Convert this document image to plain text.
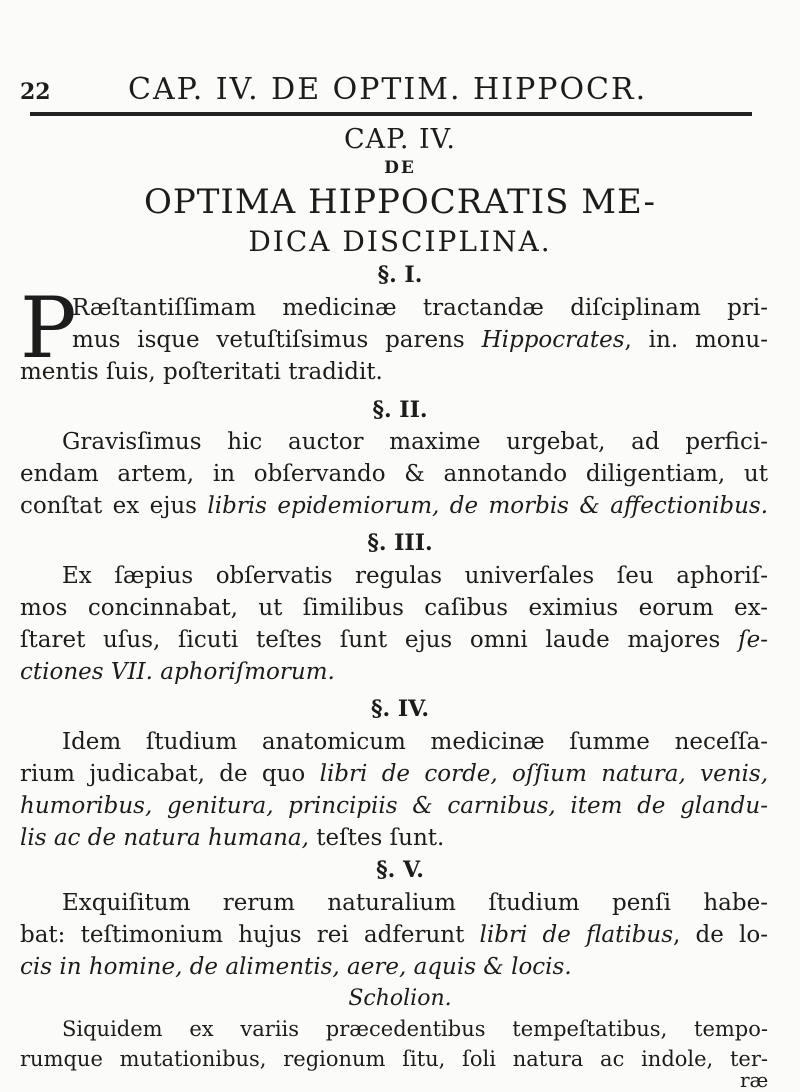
22	CAP. IV. DE OPTIM. HIPPOCR.
CAP. IV.
DE
OPTIMA HIPPOCRATIS ME-
DICA DISCIPLINA.
§. I.
P
Ræſtantiſſimam medicinæ tractandæ diſciplinam pri-
mus isque vetuſtiſsimus parens Hippocrates, in. monu-
mentis ſuis, poſteritati tradidit.
§. II.
Gravisſimus hic auctor maxime urgebat, ad perfici-
endam artem, in obſervando & annotando diligentiam, ut
conſtat ex ejus libris epidemiorum, de morbis & affectionibus.
§. III.
Ex ſæpius obſervatis regulas univerſales ſeu aphoriſ-
mos concinnabat, ut ſimilibus caſibus eximius eorum ex-
ſtaret uſus, ſicuti teſtes ſunt ejus omni laude majores ſe-
ctiones VII. aphoriſmorum.
§. IV.
Idem ſtudium anatomicum medicinæ ſumme neceſſa-
rium judicabat, de quo libri de corde, oſſium natura, venis,
humoribus, genitura, principiis & carnibus, item de glandu-
lis ac de natura humana, teſtes ſunt.
§. V.
Exquiſitum rerum naturalium ſtudium penſi habe-
bat: teſtimonium hujus rei adferunt libri de flatibus, de lo-
cis in homine, de alimentis, aere, aquis & locis.
Scholion.
Siquidem ex variis præcedentibus tempeſtatibus, tempo-
rumque mutationibus, regionum ſitu, ſoli natura ac indole, ter-
ræ
